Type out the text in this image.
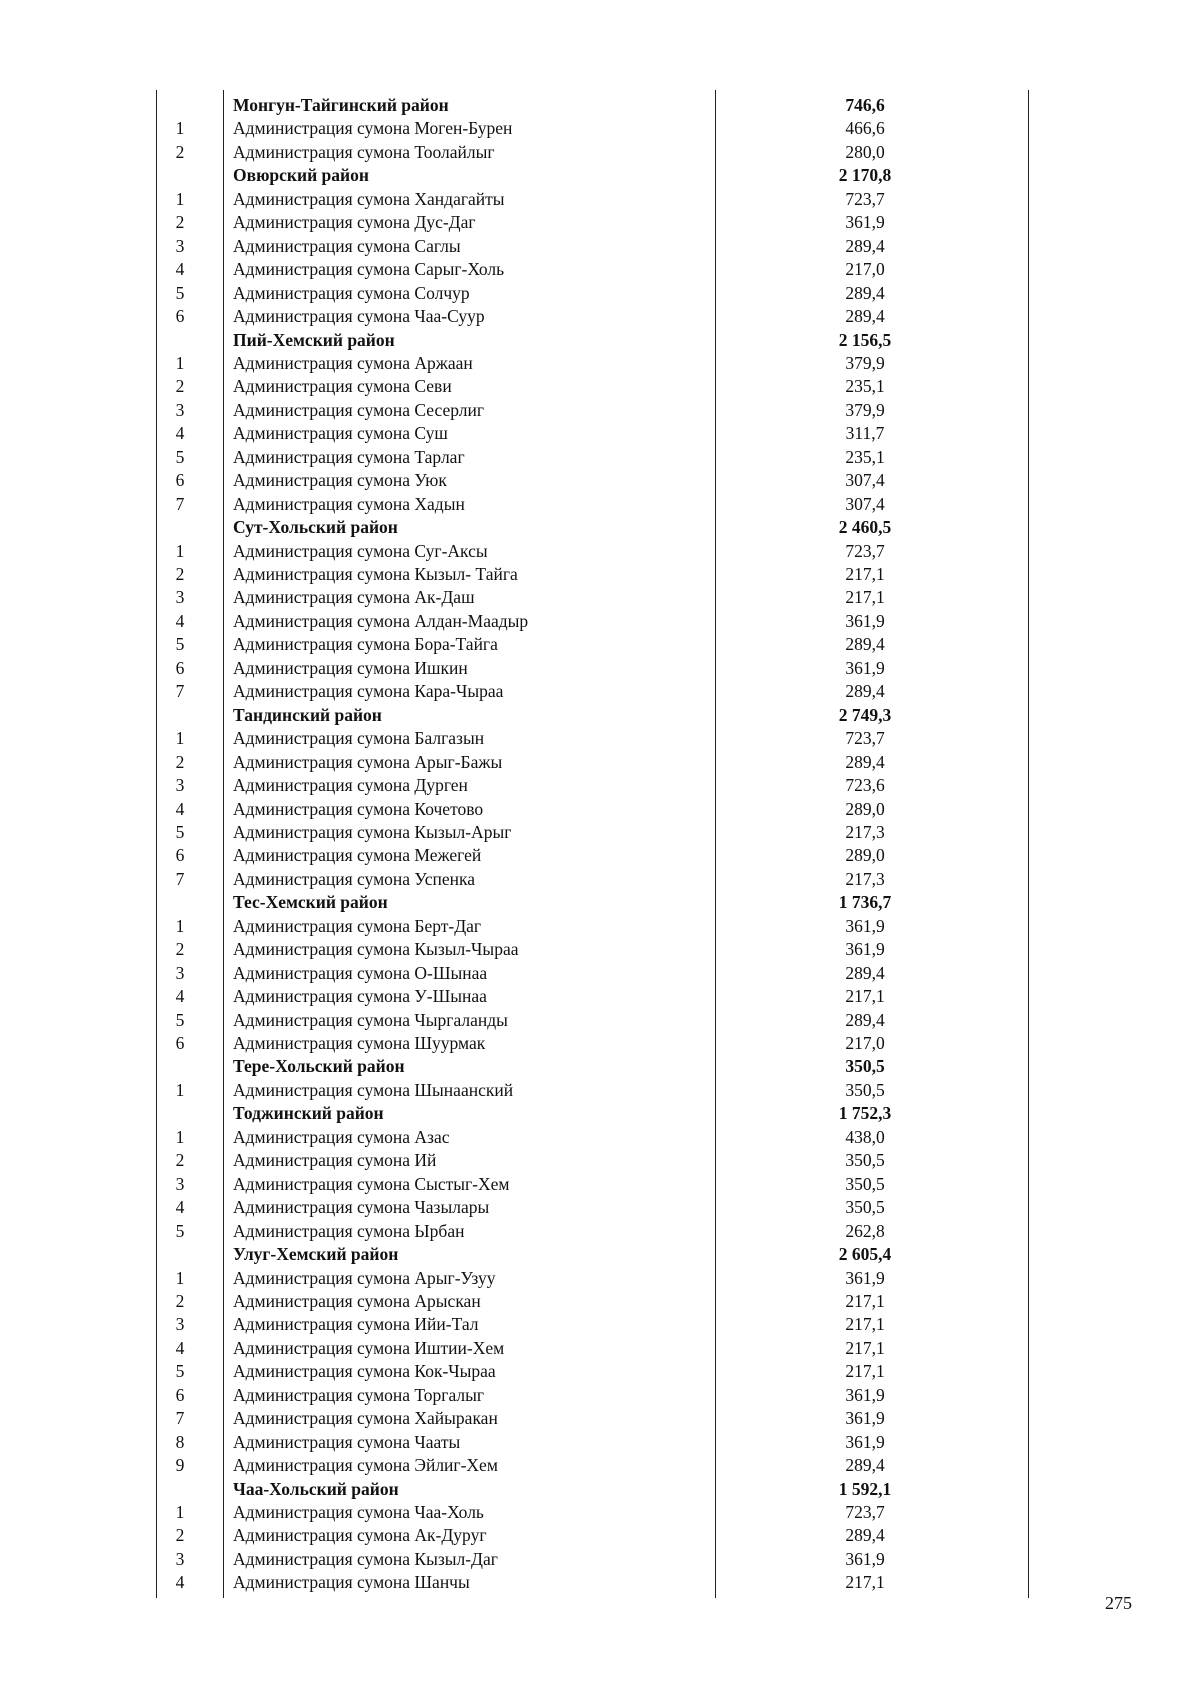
Монгун-Тайгинский район	746,6
1	Администрация сумона Моген-Бурен	466,6
2	Администрация сумона Тоолайлыг	280,0
Овюрский район	2 170,8
1	Администрация сумона Хандагайты	723,7
2	Администрация сумона Дус-Даг	361,9
3	Администрация сумона Саглы	289,4
4	Администрация сумона Сарыг-Холь	217,0
5	Администрация сумона Солчур	289,4
6	Администрация сумона Чаа-Суур	289,4
Пий-Хемский район	2 156,5
1	Администрация сумона Аржаан	379,9
2	Администрация сумона Севи	235,1
3	Администрация сумона Сесерлиг	379,9
4	Администрация сумона Суш	311,7
5	Администрация сумона Тарлаг	235,1
6	Администрация сумона Уюк	307,4
7	Администрация сумона Хадын	307,4
Сут-Хольский район	2 460,5
1	Администрация сумона Суг-Аксы	723,7
2	Администрация сумона Кызыл- Тайга	217,1
3	Администрация сумона Ак-Даш	217,1
4	Администрация сумона Алдан-Маадыр	361,9
5	Администрация сумона Бора-Тайга	289,4
6	Администрация сумона Ишкин	361,9
7	Администрация сумона Кара-Чыраа	289,4
Тандинский район	2 749,3
1	Администрация сумона Балгазын	723,7
2	Администрация сумона Арыг-Бажы	289,4
3	Администрация сумона Дурген	723,6
4	Администрация сумона Кочетово	289,0
5	Администрация сумона Кызыл-Арыг	217,3
6	Администрация сумона Межегей	289,0
7	Администрация сумона Успенка	217,3
Тес-Хемский район	1 736,7
1	Администрация сумона Берт-Даг	361,9
2	Администрация сумона Кызыл-Чыраа	361,9
3	Администрация сумона О-Шынаа	289,4
4	Администрация сумона У-Шынаа	217,1
5	Администрация сумона Чыргаланды	289,4
6	Администрация сумона Шуурмак	217,0
Тере-Хольский район	350,5
1	Администрация сумона Шынаанский	350,5
Тоджинский район	1 752,3
1	Администрация сумона Азас	438,0
2	Администрация сумона Ий	350,5
3	Администрация сумона Сыстыг-Хем	350,5
4	Администрация сумона Чазылары	350,5
5	Администрация сумона Ырбан	262,8
Улуг-Хемский район	2 605,4
1	Администрация сумона Арыг-Узуу	361,9
2	Администрация сумона Арыскан	217,1
3	Администрация сумона Ийи-Тал	217,1
4	Администрация сумона Иштии-Хем	217,1
5	Администрация сумона Кок-Чыраа	217,1
6	Администрация сумона Торгалыг	361,9
7	Администрация сумона Хайыракан	361,9
8	Администрация сумона Чааты	361,9
9	Администрация сумона Эйлиг-Хем	289,4
Чаа-Хольский район	1 592,1
1	Администрация сумона Чаа-Холь	723,7
2	Администрация сумона Ак-Дуруг	289,4
3	Администрация сумона Кызыл-Даг	361,9
4	Администрация сумона Шанчы	217,1
275
